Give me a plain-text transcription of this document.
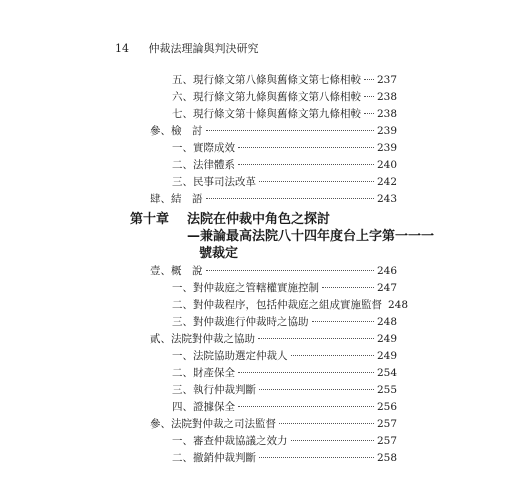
14 仲裁法理論與判決研究
五、現行條文第八條與舊條文第七條相較 237
六、現行條文第九條與舊條文第八條相較 238
七、現行條文第十條與舊條文第九條相較 238
參、檢　討	239
一、實際成效	239
二、法律體系	240
三、民事司法改革	242
肆、結　語	243
第十章 法院在仲裁中角色之探討
—兼論最高法院八十四年度台上字第一一一
號裁定
壹、概　說	246
一、對仲裁庭之管轄權實施控制	247
二、對仲裁程序，包括仲裁庭之組成實施監督 248
三、對仲裁進行仲裁時之協助	248
貳、法院對仲裁之協助	249
一、法院協助選定仲裁人	249
二、財產保全	254
三、執行仲裁判斷	255
四、證據保全	256
參、法院對仲裁之司法監督	257
一、審查仲裁協議之效力	257
二、撤銷仲裁判斷	258
